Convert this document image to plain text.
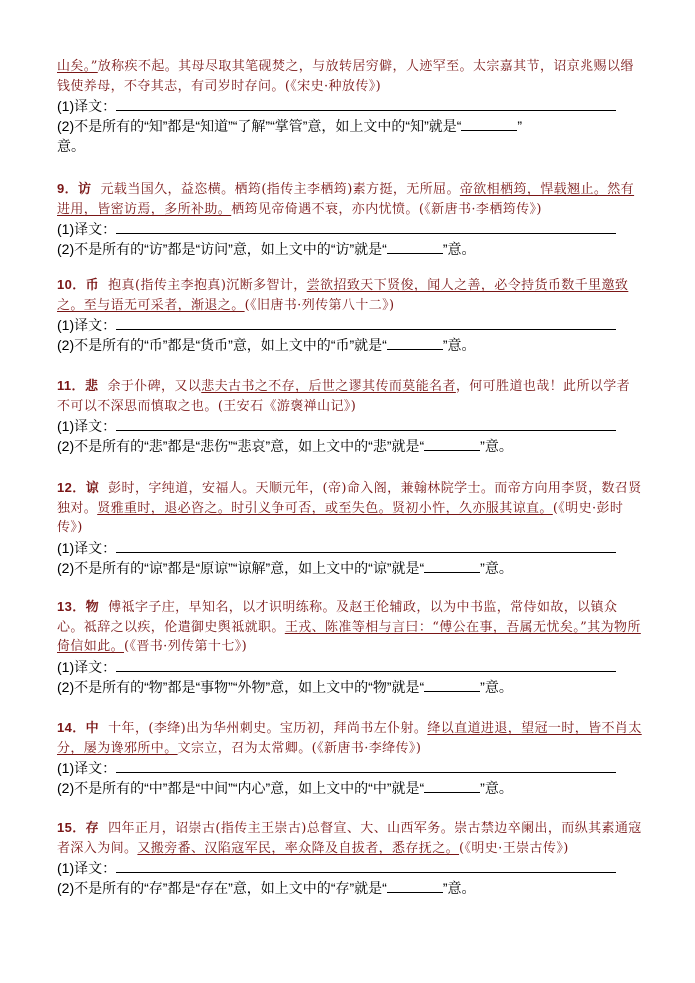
山矣。”放称疾不起。其母尽取其笔砚焚之，与放转居穷僻，人迹罕至。太宗嘉其节，诏京兆赐以缗钱使养母，不夺其志，有司岁时存问。(《宋史·种放传》)

(1)译文：

(2)不是所有的“知”都是“知道”“了解”“掌管”意，如上文中的“知”就是“	”

意。

9．访 元载当国久，益恣横。栖筠(指传主李栖筠)素方挺，无所屈。帝欲相栖筠，悍载翘止。然有进用，皆密访焉，多所补助。栖筠见帝倚遇不衰，亦内忧愤。(《新唐书·李栖筠传》)

(1)译文：

(2)不是所有的“访”都是“访问”意，如上文中的“访”就是“	”意。

10．币 抱真(指传主李抱真)沉断多智计，尝欲招致天下贤俊，闻人之善，必令持货币数千里邀致之。至与语无可采者，渐退之。(《旧唐书·列传第八十二》)

(1)译文：

(2)不是所有的“币”都是“货币”意，如上文中的“币”就是“	”意。

11．悲 余于仆碑，又以悲夫古书之不存，后世之谬其传而莫能名者，何可胜道也哉！此所以学者不可以不深思而慎取之也。(王安石《游褒禅山记》)

(1)译文：

(2)不是所有的“悲”都是“悲伤”“悲哀”意，如上文中的“悲”就是“	”意。

12．谅 彭时，字纯道，安福人。天顺元年，(帝)命入阁，兼翰林院学士。而帝方向用李贤，数召贤独对。贤雅重时，退必咨之。时引义争可否，或至失色。贤初小忤，久亦服其谅直。(《明史·彭时传》)

(1)译文：

(2)不是所有的“谅”都是“原谅”“谅解”意，如上文中的“谅”就是“	”意。

13．物 傅祗字子庄，早知名，以才识明练称。及赵王伦辅政，以为中书监，常侍如故，以镇众心。祗辞之以疾，伦遣御史舆祗就职。王戎、陈准等相与言曰：“傅公在事，吾属无忧矣。”其为物所倚信如此。(《晋书·列传第十七》)

(1)译文：

(2)不是所有的“物”都是“事物”“外物”意，如上文中的“物”就是“	”意。

14．中 十年，(李绛)出为华州刺史。宝历初，拜尚书左仆射。绛以直道进退，望冠一时，皆不肖太分，屡为谗邪所中。文宗立，召为太常卿。(《新唐书·李绛传》)

(1)译文：

(2)不是所有的“中”都是“中间”“内心”意，如上文中的“中”就是“	”意。

15．存 四年正月，诏崇古(指传主王崇古)总督宣、大、山西军务。崇古禁边卒阑出，而纵其素通寇者深入为间。又搬旁番、汉陷寇军民，率众降及自拔者，悉存抚之。(《明史·王崇古传》)

(1)译文：

(2)不是所有的“存”都是“存在”意，如上文中的“存”就是“	”意。
